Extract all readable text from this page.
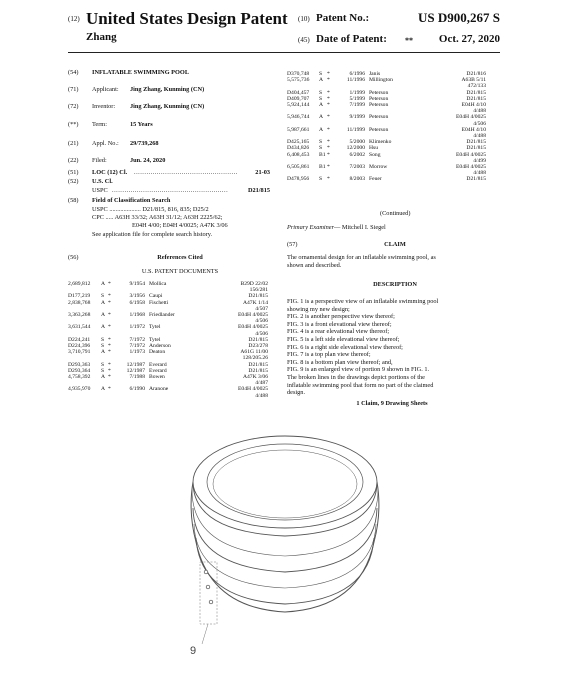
(12) United States Design Patent
Zhang
(10) Patent No.:	US D900,267 S
(45) Date of Patent: **	Oct. 27, 2020
(54) INFLATABLE SWIMMING POOL
(71) Applicant: Jing Zhang, Kunming (CN)
(72) Inventor: Jing Zhang, Kunming (CN)
(**) Term:	15 Years
(21) Appl. No.: 29/739,268
(22) Filed:	Jun. 24, 2020
(51) LOC (12) Cl. ..................................................	21-03
(52) U.S. Cl.
USPC ........................................................	D21/815
(58) Field of Classification Search
USPC .................... D21/815, 816, 835; D25/2
CPC ..... A63H 33/32; A63H 31/12; A63H 2225/62;
E04H 4/00; E04H 4/0025; A47K 3/06
See application file for complete search history.
(56)	References Cited
U.S. PATENT DOCUMENTS
2,689,812 A *	9/1954 Mollica	B29D 22/02
156/281
D177,219 S *	3/1956 Caupi	D21/815
2,838,768 A *	6/1958 Fischetti	A47K 1/14
4/507
3,363,268 A *	1/1968 Friedlander	E04H 4/0025
4/506
3,631,544 A *	1/1972 Tytel	E04H 4/0025
4/506
D224,241 S *	7/1972 Tytel	D21/815
D224,396 S *	7/1972 Anderson	D23/278
3,710,791 A *	1/1973 Deaton	A61G 11/00
128/205.26
D293,363 S *	12/1987 Everard	D21/815
D293,364 S *	12/1987 Everard	D21/815
4,758,392 A *	7/1988 Bowen	A47K 3/06
4/487
4,935,970 A *	6/1990 Aranone	E04H 4/0025
4/488
D370,748 S *	6/1996 Janis	D21/816
5,575,736 A *	11/1996 Millington	A63B 5/11
472/133
D404,457 S *	1/1999 Peterson	D21/815
D409,707 S *	5/1999 Peterson	D21/815
5,924,144 A *	7/1999 Peterson	E04H 4/10
4/488
5,946,744 A *	9/1999 Peterson	E04H 4/0025
4/506
5,987,661 A *	11/1999 Peterson	E04H 4/10
4/488
D425,165 S *	5/2000 Klimenko	D21/815
D434,826 S *	12/2000 Hsu	D21/815
6,408,453 B1*	6/2002 Song	E04H 4/0025
4/499
6,505,861 B1*	7/2003 Morrow	E04H 4/0025
4/488
D478,956 S *	8/2003 Feuer	D21/815
(Continued)
Primary Examiner— Mitchell I. Siegel
(57)	CLAIM
The ornamental design for an inflatable swimming pool, as
shown and described.
DESCRIPTION
FIG. 1 is a perspective view of an inflatable swimming pool
showing my new design;
FIG. 2 is another perspective view thereof;
FIG. 3 is a front elevational view thereof;
FIG. 4 is a rear elevational view thereof;
FIG. 5 is a left side elevational view thereof;
FIG. 6 is a right side elevational view thereof;
FIG. 7 is a top plan view thereof;
FIG. 8 is a bottom plan view thereof; and,
FIG. 9 is an enlarged view of portion 9 shown in FIG. 1.
The broken lines in the drawings depict portions of the
inflatable swimming pool that form no part of the claimed
design.
1 Claim, 9 Drawing Sheets
9
